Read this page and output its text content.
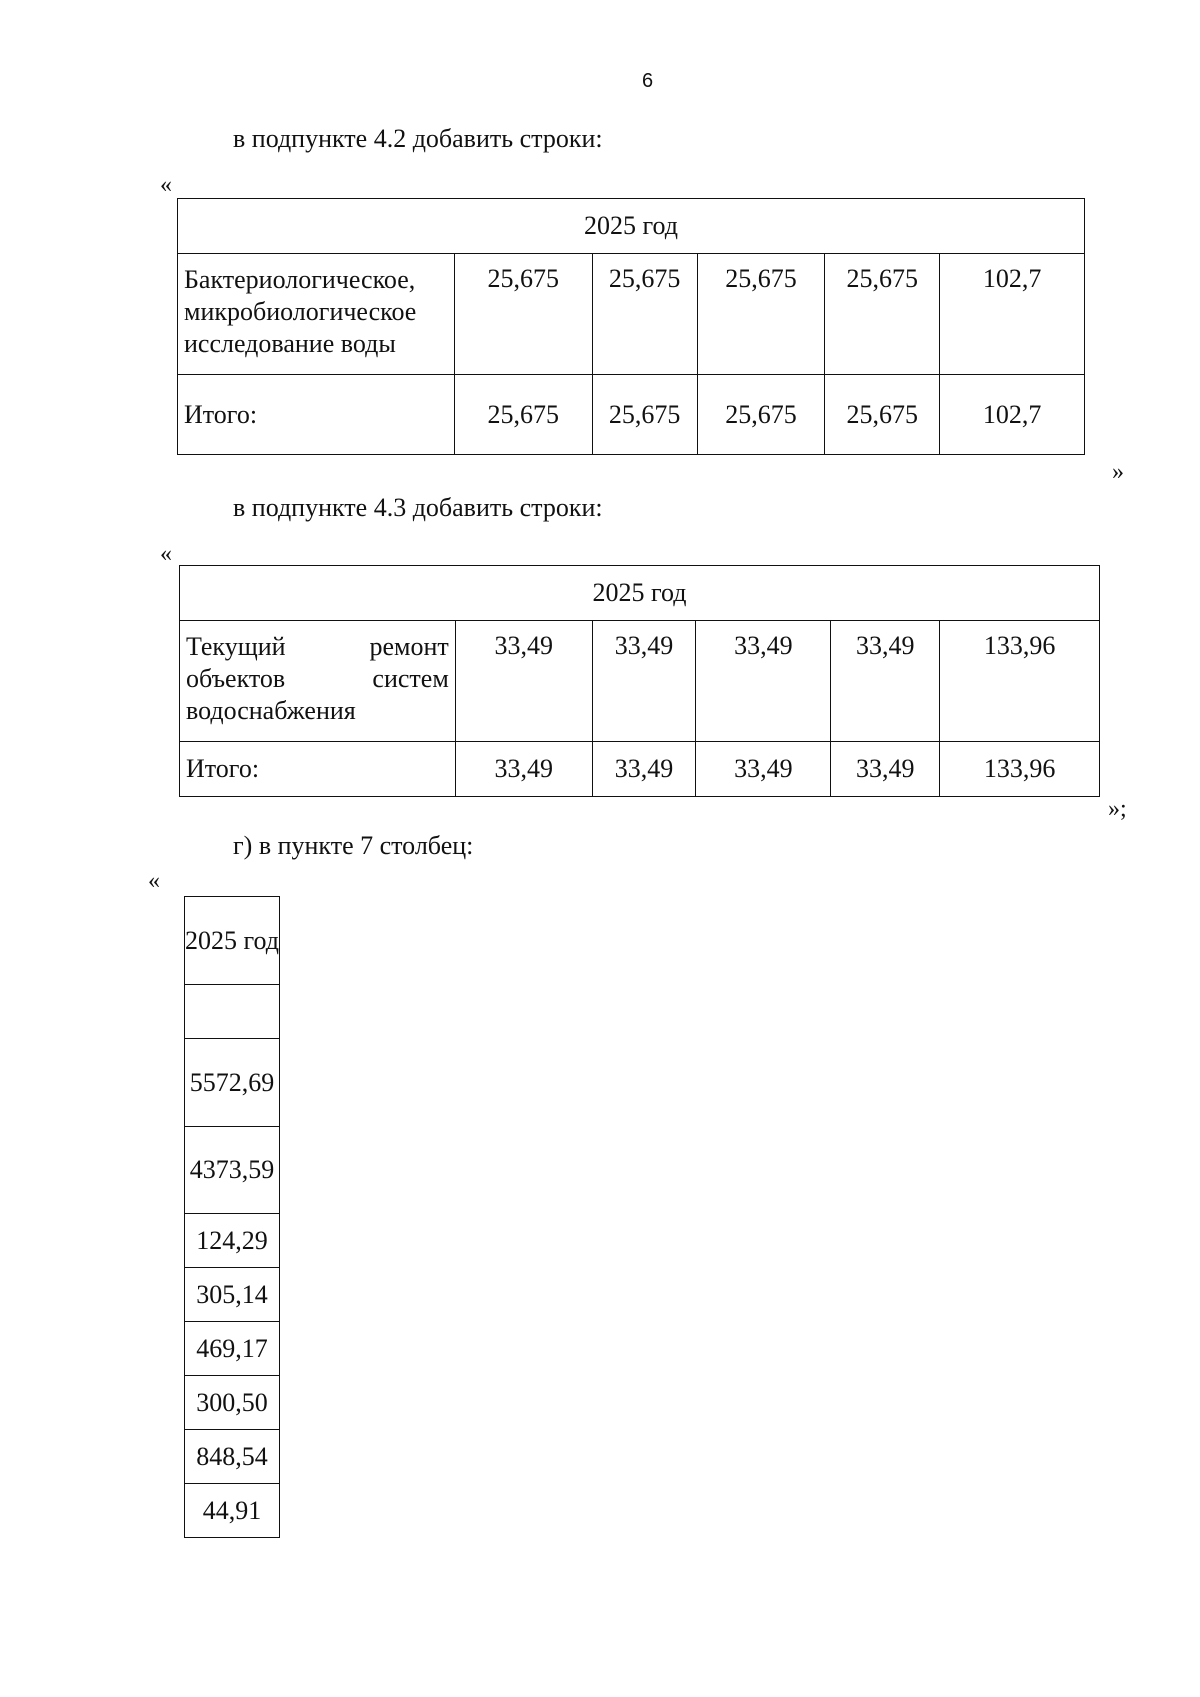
6
в подпункте 4.2 добавить строки:
«
2025 год					
Бактериологическое, микробиологическое исследование воды	25,675	25,675	25,675	25,675	102,7
Итого:	25,675	25,675	25,675	25,675	102,7
»
в подпункте 4.3 добавить строки:
«
2025 год					
Текущий ремонт объектов систем водоснабжения	33,49	33,49	33,49	33,49	133,96
Итого:	33,49	33,49	33,49	33,49	133,96
»;
г) в пункте 7 столбец:
«
2025 год

5572,69
4373,59
124,29
305,14
469,17
300,50
848,54
44,91
